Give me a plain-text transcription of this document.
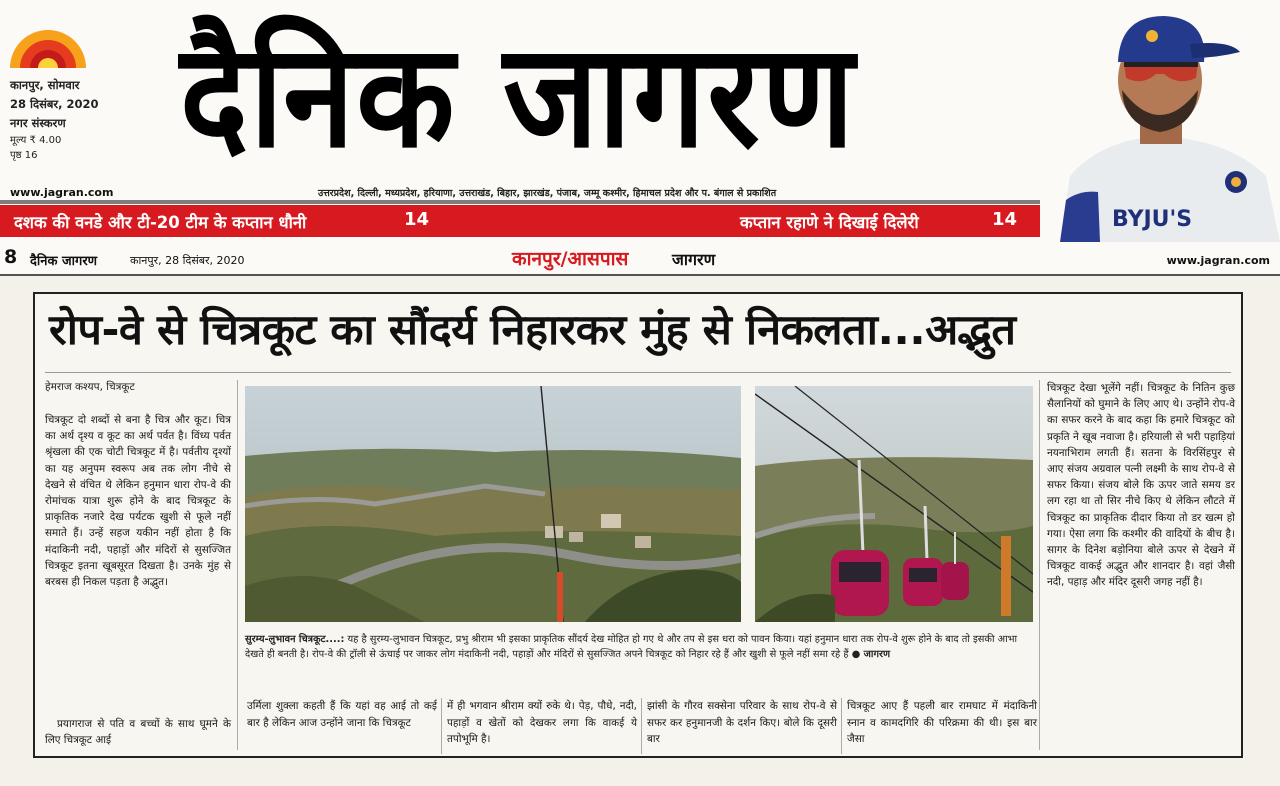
कानपुर, सोमवार
28 दिसंबर, 2020
नगर संस्करण
मूल्य ₹ 4.00
पृष्ठ 16	दैनिक जागरण
www.jagran.com	उत्तरप्रदेश, दिल्ली, मध्यप्रदेश, हरियाणा, उत्तराखंड, बिहार, झारखंड, पंजाब, जम्मू कश्मीर, हिमाचल प्रदेश और प. बंगाल से प्रकाशित
दशक की वनडे और टी-20 टीम के कप्तान धौनी	14	कप्तान रहाणे ने दिखाई दिलेरी	14	BYJU'S
8 दैनिक जागरण	कानपुर, 28 दिसंबर, 2020	कानपुर/आसपास	जागरण	www.jagran.com
रोप-वे से चित्रकूट का सौंदर्य निहारकर मुंह से निकलता...अद्भुत
हेमराज कश्यप, चित्रकूट
चित्रकूट दो शब्दों से बना है चित्र और कूट। चित्र का अर्थ दृश्य व कूट का अर्थ पर्वत है। विंध्य पर्वत श्रृंखला की एक चोटी चित्रकूट में है। पर्वतीय दृश्यों का यह अनुपम स्वरूप अब तक लोग नीचे से देखने से वंचित थे लेकिन हनुमान धारा रोप-वे की रोमांचक यात्रा शुरू होने के बाद चित्रकूट के प्राकृतिक नजारे देख पर्यटक खुशी से फूले नहीं समाते हैं। उन्हें सहज यकीन नहीं होता है कि मंदाकिनी नदी, पहाड़ों और मंदिरों से सुसज्जित चित्रकूट इतना खूबसूरत दिखता है। उनके मुंह से बरबस ही निकल पड़ता है अद्भुत।
प्रयागराज से पति व बच्चों के साथ घूमने के लिए चित्रकूट आई
सुरम्य-लुभावन चित्रकूट....: यह है सुरम्य-लुभावन चित्रकूट, प्रभु श्रीराम भी इसका प्राकृतिक सौंदर्य देख मोहित हो गए थे और तप से इस धरा को पावन किया। यहां हनुमान धारा तक रोप-वे शुरू होने के बाद तो इसकी आभा देखते ही बनती है। रोप-वे की ट्रॉली से ऊंचाई पर जाकर लोग मंदाकिनी नदी, पहाड़ों और मंदिरों से सुसज्जित अपने चित्रकूट को निहार रहे हैं और खुशी से फूले नहीं समा रहे हैं ● जागरण
उर्मिला शुक्ला कहती हैं कि यहां वह आई तो कई बार है लेकिन आज उन्होंने जाना कि चित्रकूट
में ही भगवान श्रीराम क्यों रुके थे। पेड़, पौधे, नदी, पहाड़ों व खेतों को देखकर लगा कि वाकई ये तपोभूमि है।
झांसी के गौरव सक्सेना परिवार के साथ रोप-वे से सफर कर हनुमानजी के दर्शन किए। बोले कि दूसरी बार
चित्रकूट आए हैं पहली बार रामघाट में मंदाकिनी स्नान व कामदगिरि की परिक्रमा की थी। इस बार जैसा
चित्रकूट देखा भूलेंगे नहीं। चित्रकूट के नितिन कुछ सैलानियों को घुमाने के लिए आए थे। उन्होंने रोप-वे का सफर करने के बाद कहा कि हमारे चित्रकूट को प्रकृति ने खूब नवाजा है। हरियाली से भरी पहाड़ियां नयनाभिराम लगती हैं। सतना के विरसिंहपुर से आए संजय अग्रवाल पत्नी लक्ष्मी के साथ रोप-वे से सफर किया। संजय बोले कि ऊपर जाते समय डर लग रहा था तो सिर नीचे किए थे लेकिन लौटते में चित्रकूट का प्राकृतिक दीदार किया तो डर खत्म हो गया। ऐसा लगा कि कश्मीर की वादियों के बीच है। सागर के दिनेश बड़ोनिया बोले ऊपर से देखने में चित्रकूट वाकई अद्भुत और शानदार है। वहां जैसी नदी, पहाड़ और मंदिर दूसरी जगह नहीं है।
